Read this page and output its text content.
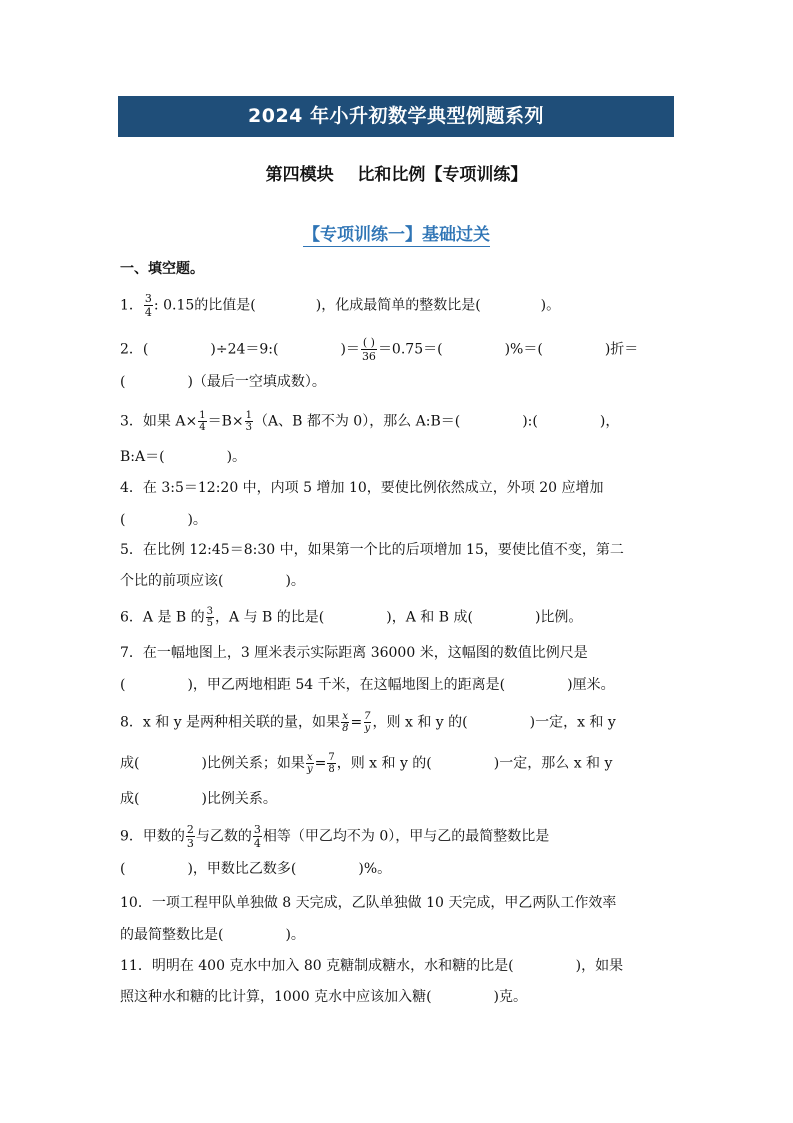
2024 年小升初数学典型例题系列
第四模块    比和比例【专项训练】
【专项训练一】基础过关
一、填空题。
1． $\frac{3}{4}$ : 0.15的比值是(	)，化成最简单的整数比是(	)。
2．(	)÷24＝9:(	)＝ $\frac{( )}{36} =0.75=$(	)%＝(	)折＝
(	)（最后一空填成数）。
3．如果 $A\times \frac{1}{4} =B\times \frac{1}{3} (A$、B 都不为 0），那么 A:B＝(	):(	)，
B:A＝(	)。
4．在 3:5＝12:20 中，内项 5 增加 10，要使比例依然成立，外项 20 应增加
(	)。
5．在比例 12:45＝8:30 中，如果第一个比的后项增加 15，要使比值不变，第二
个比的前项应该(	)。
6．A 是 B 的 $\frac{3}{5}$ ，A 与 B 的比是(	)，A 和 B 成(	)比例。
7．在一幅地图上，3 厘米表示实际距离 36000 米，这幅图的数值比例尺是
(	)，甲乙两地相距 54 千米，在这幅地图上的距离是(	)厘米。
8．x 和 y 是两种相关联的量，如果 $\frac{x}{8} = \frac{7}{y}$ ，则 x 和 y 的(	)一定，x 和 y
成(	)比例关系；如果 $\frac{x}{y} = \frac{7}{8}$ ，则 x 和 y 的(	)一定，那么 x 和 y
成(	)比例关系。
9．甲数的 $\frac{2}{3}$ 与乙数的 $\frac{3}{4}$ 相等（甲乙均不为 0），甲与乙的最简整数比是
(	)，甲数比乙数多(	)%。
10．一项工程甲队单独做 8 天完成，乙队单独做 10 天完成，甲乙两队工作效率
的最简整数比是(	)。
11．明明在 400 克水中加入 80 克糖制成糖水，水和糖的比是(	)，如果
照这种水和糖的比计算，1000 克水中应该加入糖(	)克。
